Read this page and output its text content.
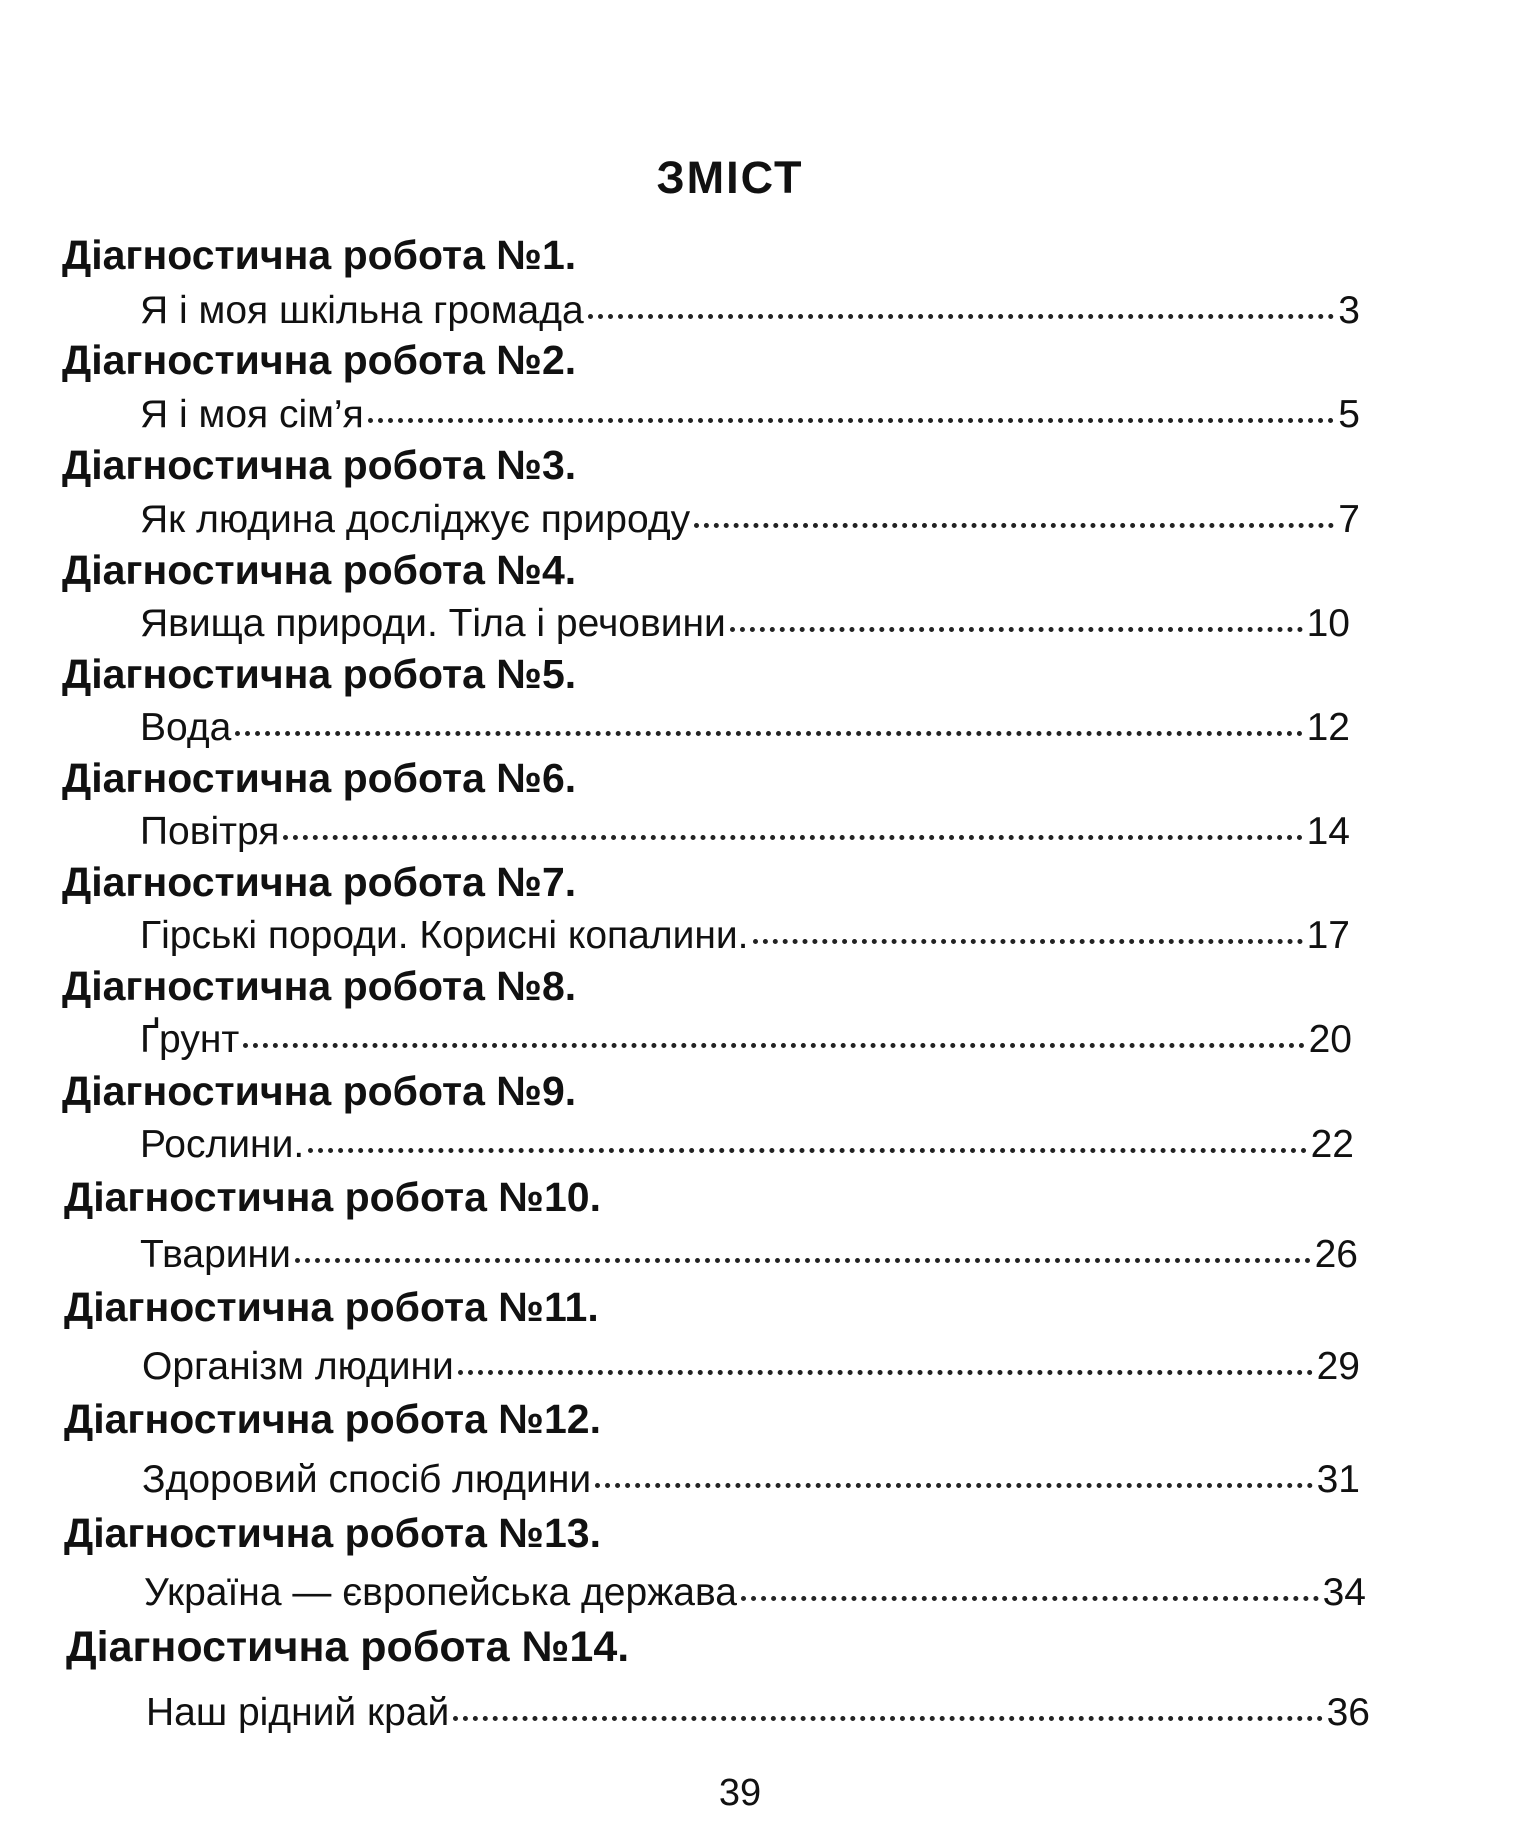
ЗМІСТ
Діагностична робота №1.
Я і моя шкільна громада	3
Діагностична робота №2.
Я і моя сім’я	5
Діагностична робота №3.
Як людина досліджує природу	7
Діагностична робота №4.
Явища природи. Тіла і речовини	10
Діагностична робота №5.
Вода	12
Діагностична робота №6.
Повітря	14
Діагностична робота №7.
Гірські породи. Корисні копалини.	17
Діагностична робота №8.
Ґрунт	20
Діагностична робота №9.
Рослини.	22
Діагностична робота №10.
Тварини	26
Діагностична робота №11.
Організм людини	29
Діагностична робота №12.
Здоровий спосіб людини	31
Діагностична робота №13.
Україна — європейська держава	34
Діагностична робота №14.
Наш рідний край	36
39
